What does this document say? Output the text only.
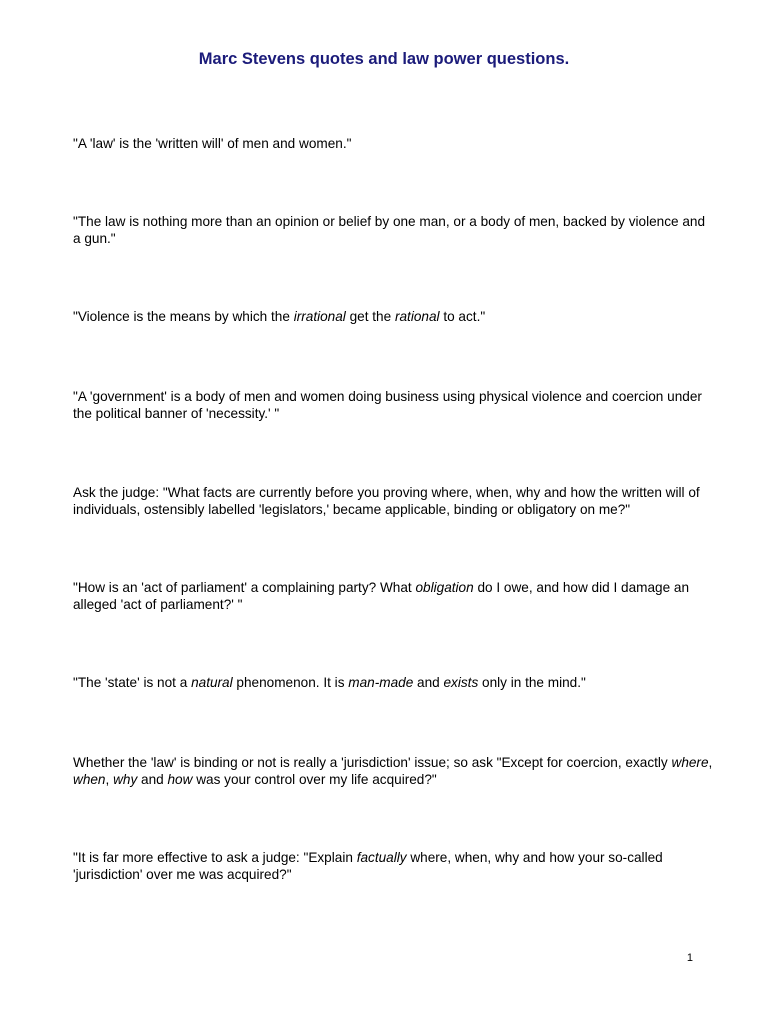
Marc Stevens quotes and law power questions.

"A 'law' is the 'written will' of men and women."

"The law is nothing more than an opinion or belief by one man, or a body of men, backed by violence and a gun."

"Violence is the means by which the irrational get the rational to act."

"A 'government' is a body of men and women doing business using physical violence and coercion under the political banner of 'necessity.' "

Ask the judge: "What facts are currently before you proving where, when, why and how the written will of individuals, ostensibly labelled 'legislators,' became applicable, binding or obligatory on me?"

"How is an 'act of parliament' a complaining party? What obligation do I owe, and how did I damage an alleged 'act of parliament?' "

"The 'state' is not a natural phenomenon. It is man-made and exists only in the mind."

Whether the 'law' is binding or not is really a 'jurisdiction' issue; so ask "Except for coercion, exactly where, when, why and how was your control over my life acquired?"

"It is far more effective to ask a judge: "Explain factually where, when, why and how your so-called 'jurisdiction' over me was acquired?"

1
